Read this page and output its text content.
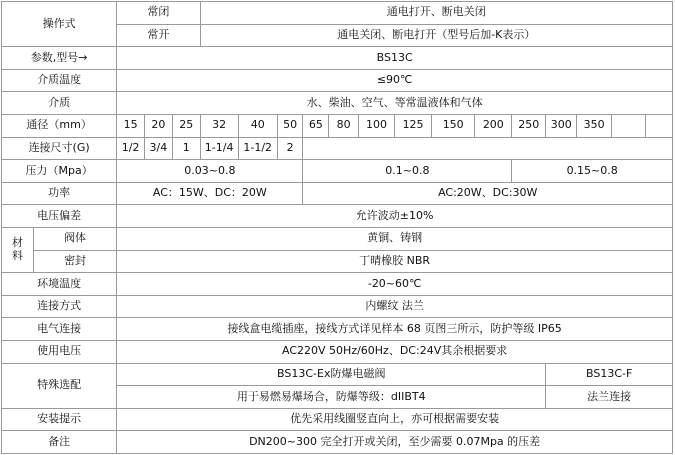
操作式		常闭			通电打开、断电关闭													
		常开			通电关闭、断电打开（型号后加-K表示）													
参数,型号→		BS13C																
介质温度		≤90℃																
介质		水、柴油、空气、等常温液体和气体																
通径（mm）		15	20	25	32	40	50	65	80	100	125	150	200	250	300	350		
连接尺寸(G)		1/2	3/4	1	1-1/4	1-1/2	2											
压力（Mpa）		0.03~0.8						0.1~0.8						0.15~0.8				
功率		AC：15W、DC：20W						AC:20W、DC:30W										
电压偏差		允许波动±10%																
材
料	阀体	黄铜、铸钢																
	密封	丁晴橡胶 NBR																
环境温度		-20~60℃																
连接方式		内螺纹 法兰																
电气连接		接线盒电缆插座，接线方式详见样本 68 页图三所示，防护等级 IP65																
使用电压		AC220V 50Hz/60Hz、DC:24V其余根据要求																
特殊选配		BS13C-Ex防爆电磁阀													BS13C-F			
		用于易燃易爆场合，防爆等级：dIIBT4													法兰连接			
安装提示		优先采用线圈竖直向上，亦可根据需要安装																
备注		DN200~300 完全打开或关闭，至少需要 0.07Mpa 的压差																
